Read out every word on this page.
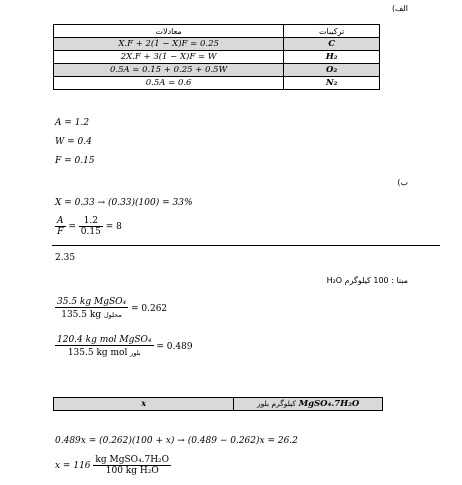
الف)
معادلات	ترکیبات
X.F + 2(1 − X)F = 0.25	C
2X.F + 3(1 − X)F = W	H₂
0.5A = 0.15 + 0.25 + 0.5W	O₂
0.5A = 0.6	N₂
A = 1.2
W = 0.4
F = 0.15
ب)
X = 0.33 → (0.33)(100) = 33%
$\frac{A}{F} = \frac{1.2}{0.15} = 8$
2.35
مبنا : 100 کیلوگرم H₂O
$\frac{\text{35.5 kg MgSO₄}}{\text{135.5 kg محلول}} = 0.262$
$\frac{\text{120.4 kg mol MgSO₄}}{\text{135.5 kg mol بلور}} = 0.489$
x	کیلوگرم بلور MgSO₄.7H₂O
0.489x = (0.262)(100 + x) → (0.489 − 0.262)x = 26.2
$x = 116 \frac{\text{kg MgSO₄.7H₂O}}{\text{100 kg H₂O}}$
